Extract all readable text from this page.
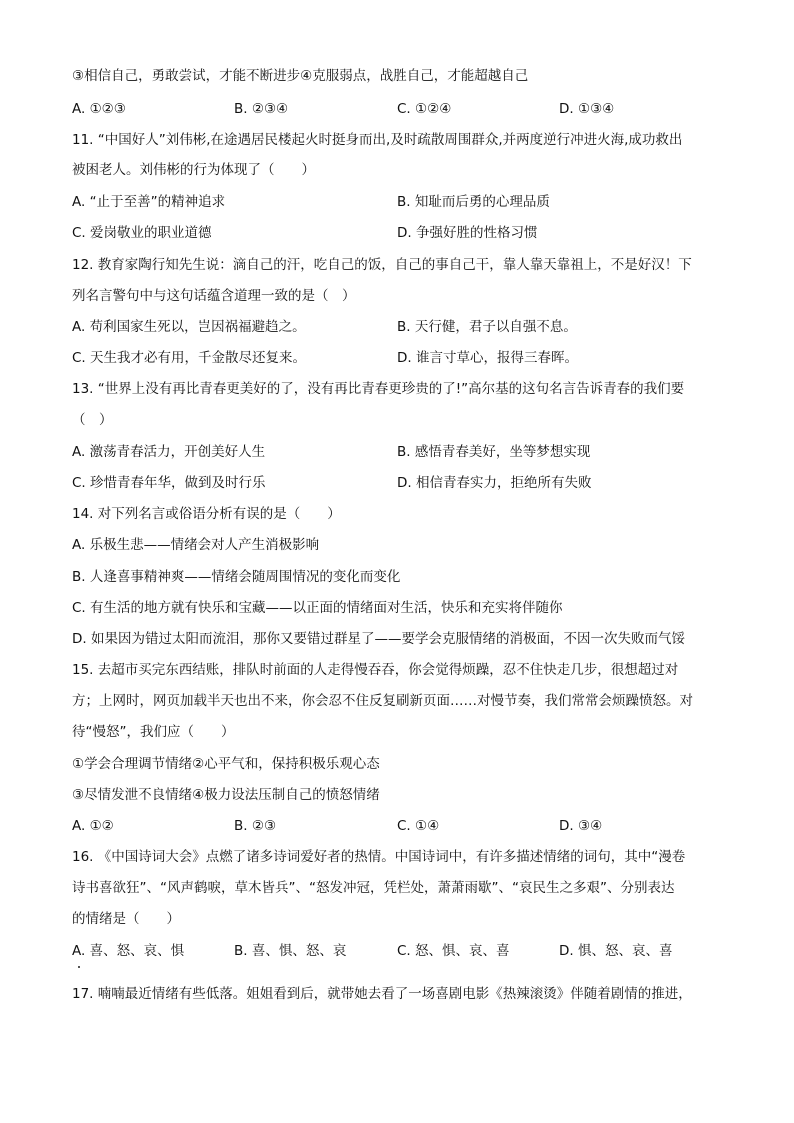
③相信自己，勇敢尝试，才能不断进步④克服弱点，战胜自己，才能超越自己
A. ①②③	B. ②③④	C. ①②④	D. ①③④
11. “中国好人”刘伟彬,在途遇居民楼起火时挺身而出,及时疏散周围群众,并两度逆行冲进火海,成功救出
被困老人。刘伟彬的行为体现了（　　）
A. “止于至善”的精神追求	B. 知耻而后勇的心理品质
C. 爱岗敬业的职业道德	D. 争强好胜的性格习惯
12. 教育家陶行知先生说：滴自己的汗，吃自己的饭，自己的事自己干，靠人靠天靠祖上，不是好汉！下
列名言警句中与这句话蕴含道理一致的是（　）
A. 苟利国家生死以，岂因祸福避趋之。	B. 天行健，君子以自强不息。
C. 天生我才必有用，千金散尽还复来。	D. 谁言寸草心，报得三春晖。
13. “世界上没有再比青春更美好的了，没有再比青春更珍贵的了!”高尔基的这句名言告诉青春的我们要
（　）
A. 激荡青春活力，开创美好人生	B. 感悟青春美好，坐等梦想实现
C. 珍惜青春年华，做到及时行乐	D. 相信青春实力，拒绝所有失败
14. 对下列名言或俗语分析有误的是（　　）
A. 乐极生悲——情绪会对人产生消极影响
B. 人逢喜事精神爽——情绪会随周围情况的变化而变化
C. 有生活的地方就有快乐和宝藏——以正面的情绪面对生活，快乐和充实将伴随你
D. 如果因为错过太阳而流泪，那你又要错过群星了——要学会克服情绪的消极面，不因一次失败而气馁
15. 去超市买完东西结账，排队时前面的人走得慢吞吞，你会觉得烦躁，忍不住快走几步，很想超过对
方；上网时，网页加载半天也出不来，你会忍不住反复刷新页面……对慢节奏，我们常常会烦躁愤怒。对
待“慢怒”，我们应（　　）
①学会合理调节情绪②心平气和，保持积极乐观心态
③尽情发泄不良情绪④极力设法压制自己的愤怒情绪
A. ①②	B. ②③	C. ①④	D. ③④
16. 《中国诗词大会》点燃了诸多诗词爱好者的热情。中国诗词中，有许多描述情绪的词句，其中“漫卷
诗书喜欲狂”、“风声鹤唳，草木皆兵”、“怒发冲冠，凭栏处，萧萧雨歇”、“哀民生之多艰”、分别表达
的情绪是（　　）
A. 喜、怒、哀、惧	B. 喜、惧、怒、哀	C. 怒、惧、哀、喜	D. 惧、怒、哀、喜
17. 喃喃最近情绪有些低落。姐姐看到后，就带她去看了一场喜剧电影《热辣滚烫》伴随着剧情的推进，
